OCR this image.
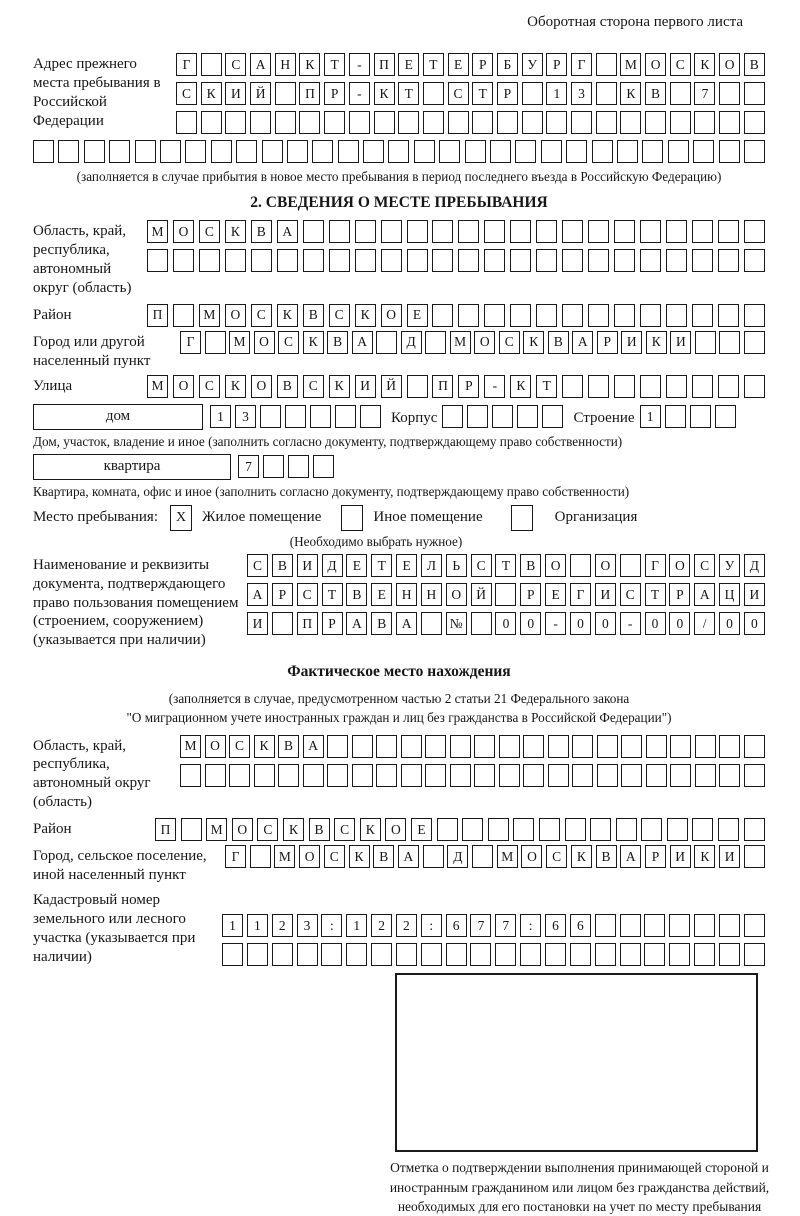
Оборотная сторона первого листа
Адрес прежнего места пребывания в Российской Федерации
Г	С	А	Н	К	Т	-	П	Е	Т	Е	Р	Б	У	Р	Г	М	О	С	К	О	В
С	К	И	Й	П	Р	-	К	Т	С	Т	Р	1	3	К	В	7
(заполняется в случае прибытия в новое место пребывания в период последнего въезда в Российскую Федерацию)
2. СВЕДЕНИЯ О МЕСТЕ ПРЕБЫВАНИЯ
Область, край, республика, автономный округ (область)
М	О	С	К	В	А
Район	П	М	О	С	К	В	С	К	О	Е
Город или другой населенный пункт
Г	М	О	С	К	В	А	Д	М	О	С	К	В	А	Р	И	К	И
Улица	М	О	С	К	О	В	С	К	И	Й	П	Р	-	К	Т
дом	1	3	Корпус	Строение 1
Дом, участок, владение и иное (заполнить согласно документу, подтверждающему право собственности)
квартира	7
Квартира, комната, офис и иное (заполнить согласно документу, подтверждающему право собственности)
Место пребывания:	X	Жилое помещение	Иное помещение	Организация
(Необходимо выбрать нужное)
Наименование и реквизиты документа, подтверждающего право пользования помещением (строением, сооружением) (указывается при наличии)
С	В	И	Д	Е	Т	Е	Л	Ь	С	Т	В	О	О	Г	О	С	У	Д
А	Р	С	Т	В	Е	Н	Н	О	Й	Р	Е	Г	И	С	Т	Р	А	Ц	И
И	П	Р	А	В	А	№	0	0	-	0	0	-	0	0	/	0	0
Фактическое место нахождения
(заполняется в случае, предусмотренном частью 2 статьи 21 Федерального закона
"О миграционном учете иностранных граждан и лиц без гражданства в Российской Федерации")
Область, край, республика, автономный округ (область)
М	О	С	К	В	А
Район	П	М	О	С	К	В	С	К	О	Е
Город, сельское поселение, иной населенный пункт
Г	М	О	С	К	В	А	Д	М	О	С	К	В	А	Р	И	К	И
Кадастровый номер земельного или лесного участка (указывается при наличии)
1	1	2	3	:	1	2	2	:	6	7	7	:	6	6
Отметка о подтверждении выполнения принимающей стороной и иностранным гражданином или лицом без гражданства действий, необходимых для его постановки на учет по месту пребывания
